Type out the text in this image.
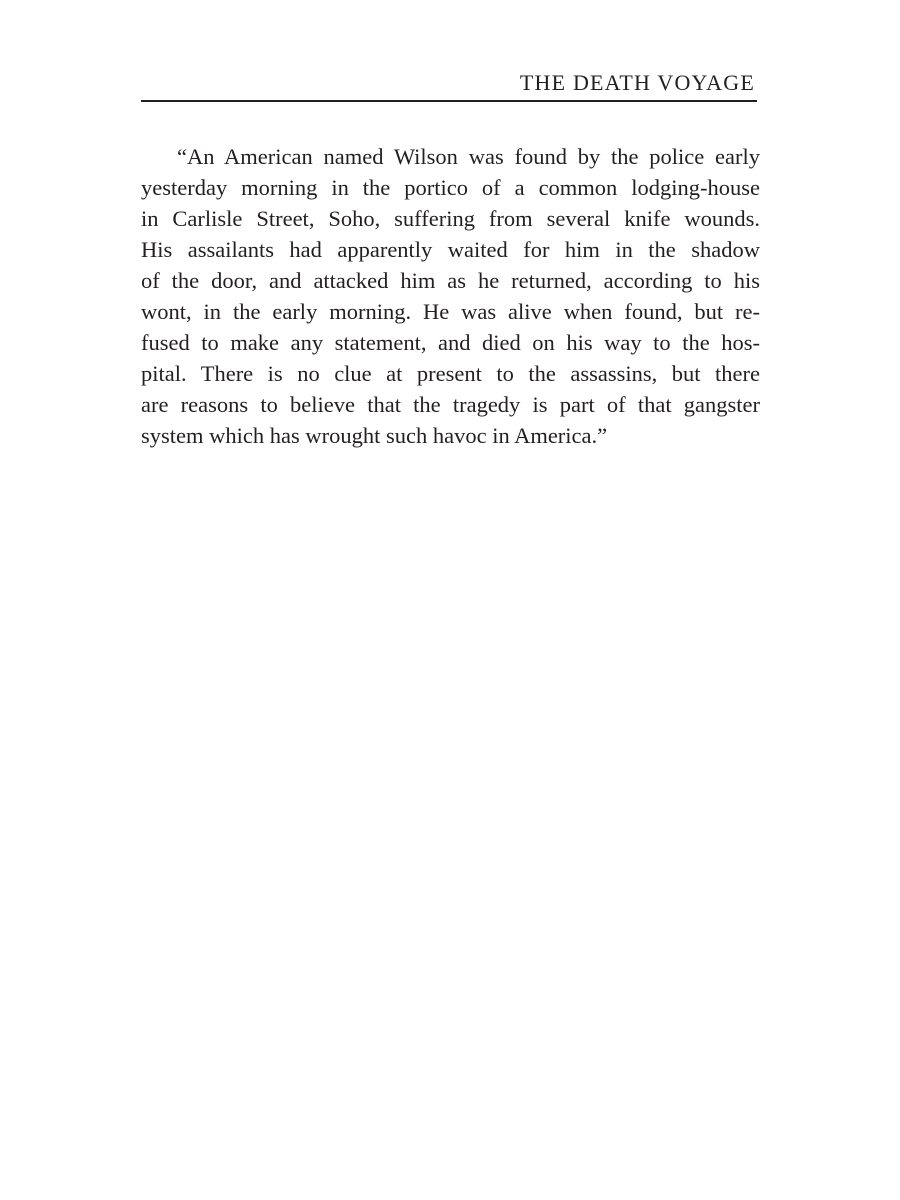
THE DEATH VOYAGE
“An American named Wilson was found by the police early
yesterday morning in the portico of a common lodging-house
in Carlisle Street, Soho, suffering from several knife wounds.
His assailants had apparently waited for him in the shadow
of the door, and attacked him as he returned, according to his
wont, in the early morning. He was alive when found, but re-
fused to make any statement, and died on his way to the hos-
pital. There is no clue at present to the assassins, but there
are reasons to believe that the tragedy is part of that gangster
system which has wrought such havoc in America.”
